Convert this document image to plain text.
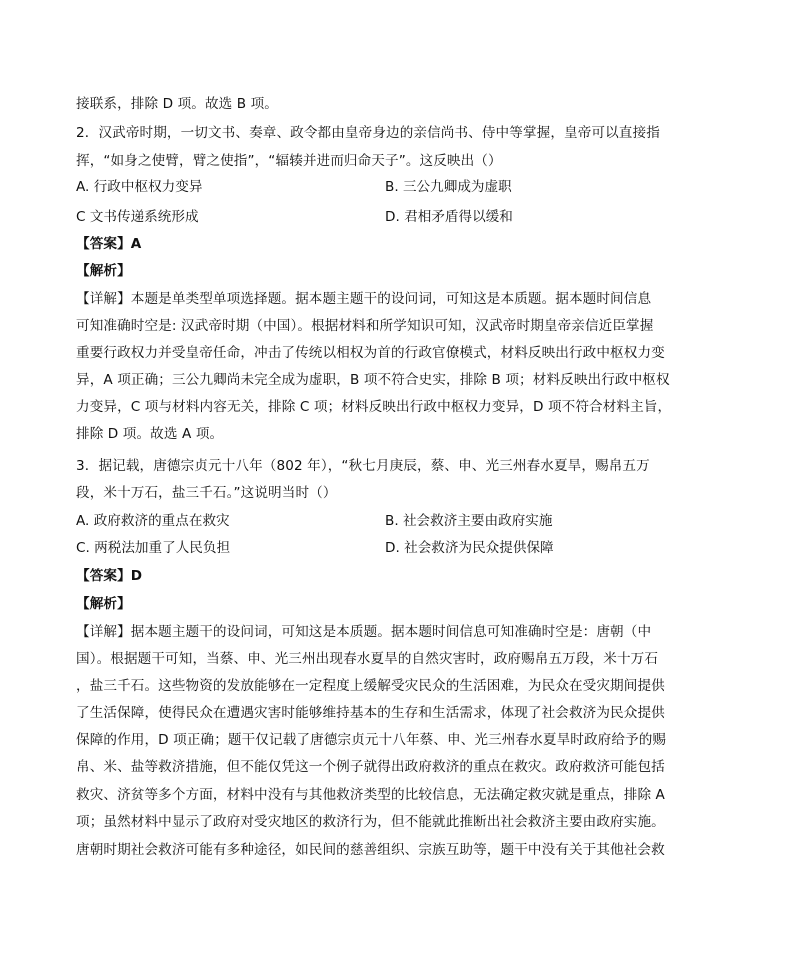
接联系，排除 D 项。故选 B 项。
2．汉武帝时期，一切文书、奏章、政令都由皇帝身边的亲信尚书、侍中等掌握，皇帝可以直接指
挥，“如身之使臂，臂之使指”，“辐辏并进而归命天子”。这反映出（）
A. 行政中枢权力变异	B. 三公九卿成为虚职
C 文书传递系统形成	D. 君相矛盾得以缓和
【答案】A
【解析】
【详解】本题是单类型单项选择题。据本题主题干的设问词，可知这是本质题。据本题时间信息
可知准确时空是: 汉武帝时期（中国）。根据材料和所学知识可知，汉武帝时期皇帝亲信近臣掌握
重要行政权力并受皇帝任命，冲击了传统以相权为首的行政官僚模式，材料反映出行政中枢权力变
异，A 项正确；三公九卿尚未完全成为虚职，B 项不符合史实，排除 B 项；材料反映出行政中枢权
力变异，C 项与材料内容无关，排除 C 项；材料反映出行政中枢权力变异，D 项不符合材料主旨，
排除 D 项。故选 A 项。
3．据记载，唐德宗贞元十八年（802 年），“秋七月庚辰，蔡、申、光三州春水夏旱，赐帛五万
段，米十万石，盐三千石。”这说明当时（）
A. 政府救济的重点在救灾	B. 社会救济主要由政府实施
C. 两税法加重了人民负担	D. 社会救济为民众提供保障
【答案】D
【解析】
【详解】据本题主题干的设问词，可知这是本质题。据本题时间信息可知准确时空是：唐朝（中
国）。根据题干可知，当蔡、申、光三州出现春水夏旱的自然灾害时，政府赐帛五万段，米十万石
，盐三千石。这些物资的发放能够在一定程度上缓解受灾民众的生活困难，为民众在受灾期间提供
了生活保障，使得民众在遭遇灾害时能够维持基本的生存和生活需求，体现了社会救济为民众提供
保障的作用，D 项正确；题干仅记载了唐德宗贞元十八年蔡、申、光三州春水夏旱时政府给予的赐
帛、米、盐等救济措施，但不能仅凭这一个例子就得出政府救济的重点在救灾。政府救济可能包括
救灾、济贫等多个方面，材料中没有与其他救济类型的比较信息，无法确定救灾就是重点，排除 A
项；虽然材料中显示了政府对受灾地区的救济行为，但不能就此推断出社会救济主要由政府实施。
唐朝时期社会救济可能有多种途径，如民间的慈善组织、宗族互助等，题干中没有关于其他社会救
